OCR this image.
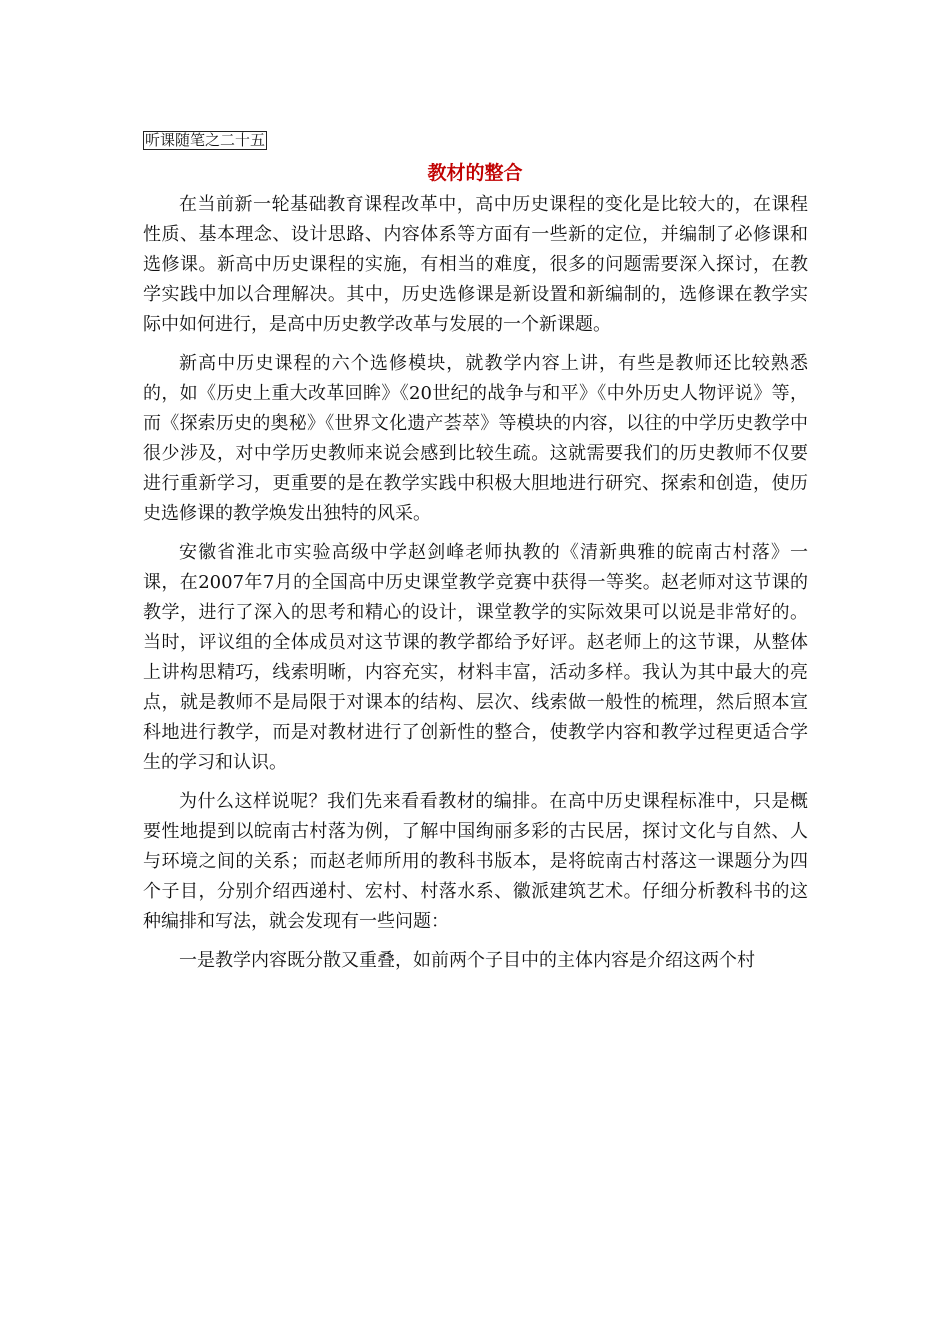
听课随笔之二十五
教材的整合

在当前新一轮基础教育课程改革中，高中历史课程的变化是比较大的，在课程性质、基本理念、设计思路、内容体系等方面有一些新的定位，并编制了必修课和选修课。新高中历史课程的实施，有相当的难度，很多的问题需要深入探讨，在教学实践中加以合理解决。其中，历史选修课是新设置和新编制的，选修课在教学实际中如何进行，是高中历史教学改革与发展的一个新课题。

新高中历史课程的六个选修模块，就教学内容上讲，有些是教师还比较熟悉的，如《历史上重大改革回眸》《20世纪的战争与和平》《中外历史人物评说》等，而《探索历史的奥秘》《世界文化遗产荟萃》等模块的内容，以往的中学历史教学中很少涉及，对中学历史教师来说会感到比较生疏。这就需要我们的历史教师不仅要进行重新学习，更重要的是在教学实践中积极大胆地进行研究、探索和创造，使历史选修课的教学焕发出独特的风采。

安徽省淮北市实验高级中学赵剑峰老师执教的《清新典雅的皖南古村落》一课，在2007年7月的全国高中历史课堂教学竞赛中获得一等奖。赵老师对这节课的教学，进行了深入的思考和精心的设计，课堂教学的实际效果可以说是非常好的。当时，评议组的全体成员对这节课的教学都给予好评。赵老师上的这节课，从整体上讲构思精巧，线索明晰，内容充实，材料丰富，活动多样。我认为其中最大的亮点，就是教师不是局限于对课本的结构、层次、线索做一般性的梳理，然后照本宣科地进行教学，而是对教材进行了创新性的整合，使教学内容和教学过程更适合学生的学习和认识。

为什么这样说呢？我们先来看看教材的编排。在高中历史课程标准中，只是概要性地提到以皖南古村落为例，了解中国绚丽多彩的古民居，探讨文化与自然、人与环境之间的关系；而赵老师所用的教科书版本，是将皖南古村落这一课题分为四个子目，分别介绍西递村、宏村、村落水系、徽派建筑艺术。仔细分析教科书的这种编排和写法，就会发现有一些问题：

一是教学内容既分散又重叠，如前两个子目中的主体内容是介绍这两个村
